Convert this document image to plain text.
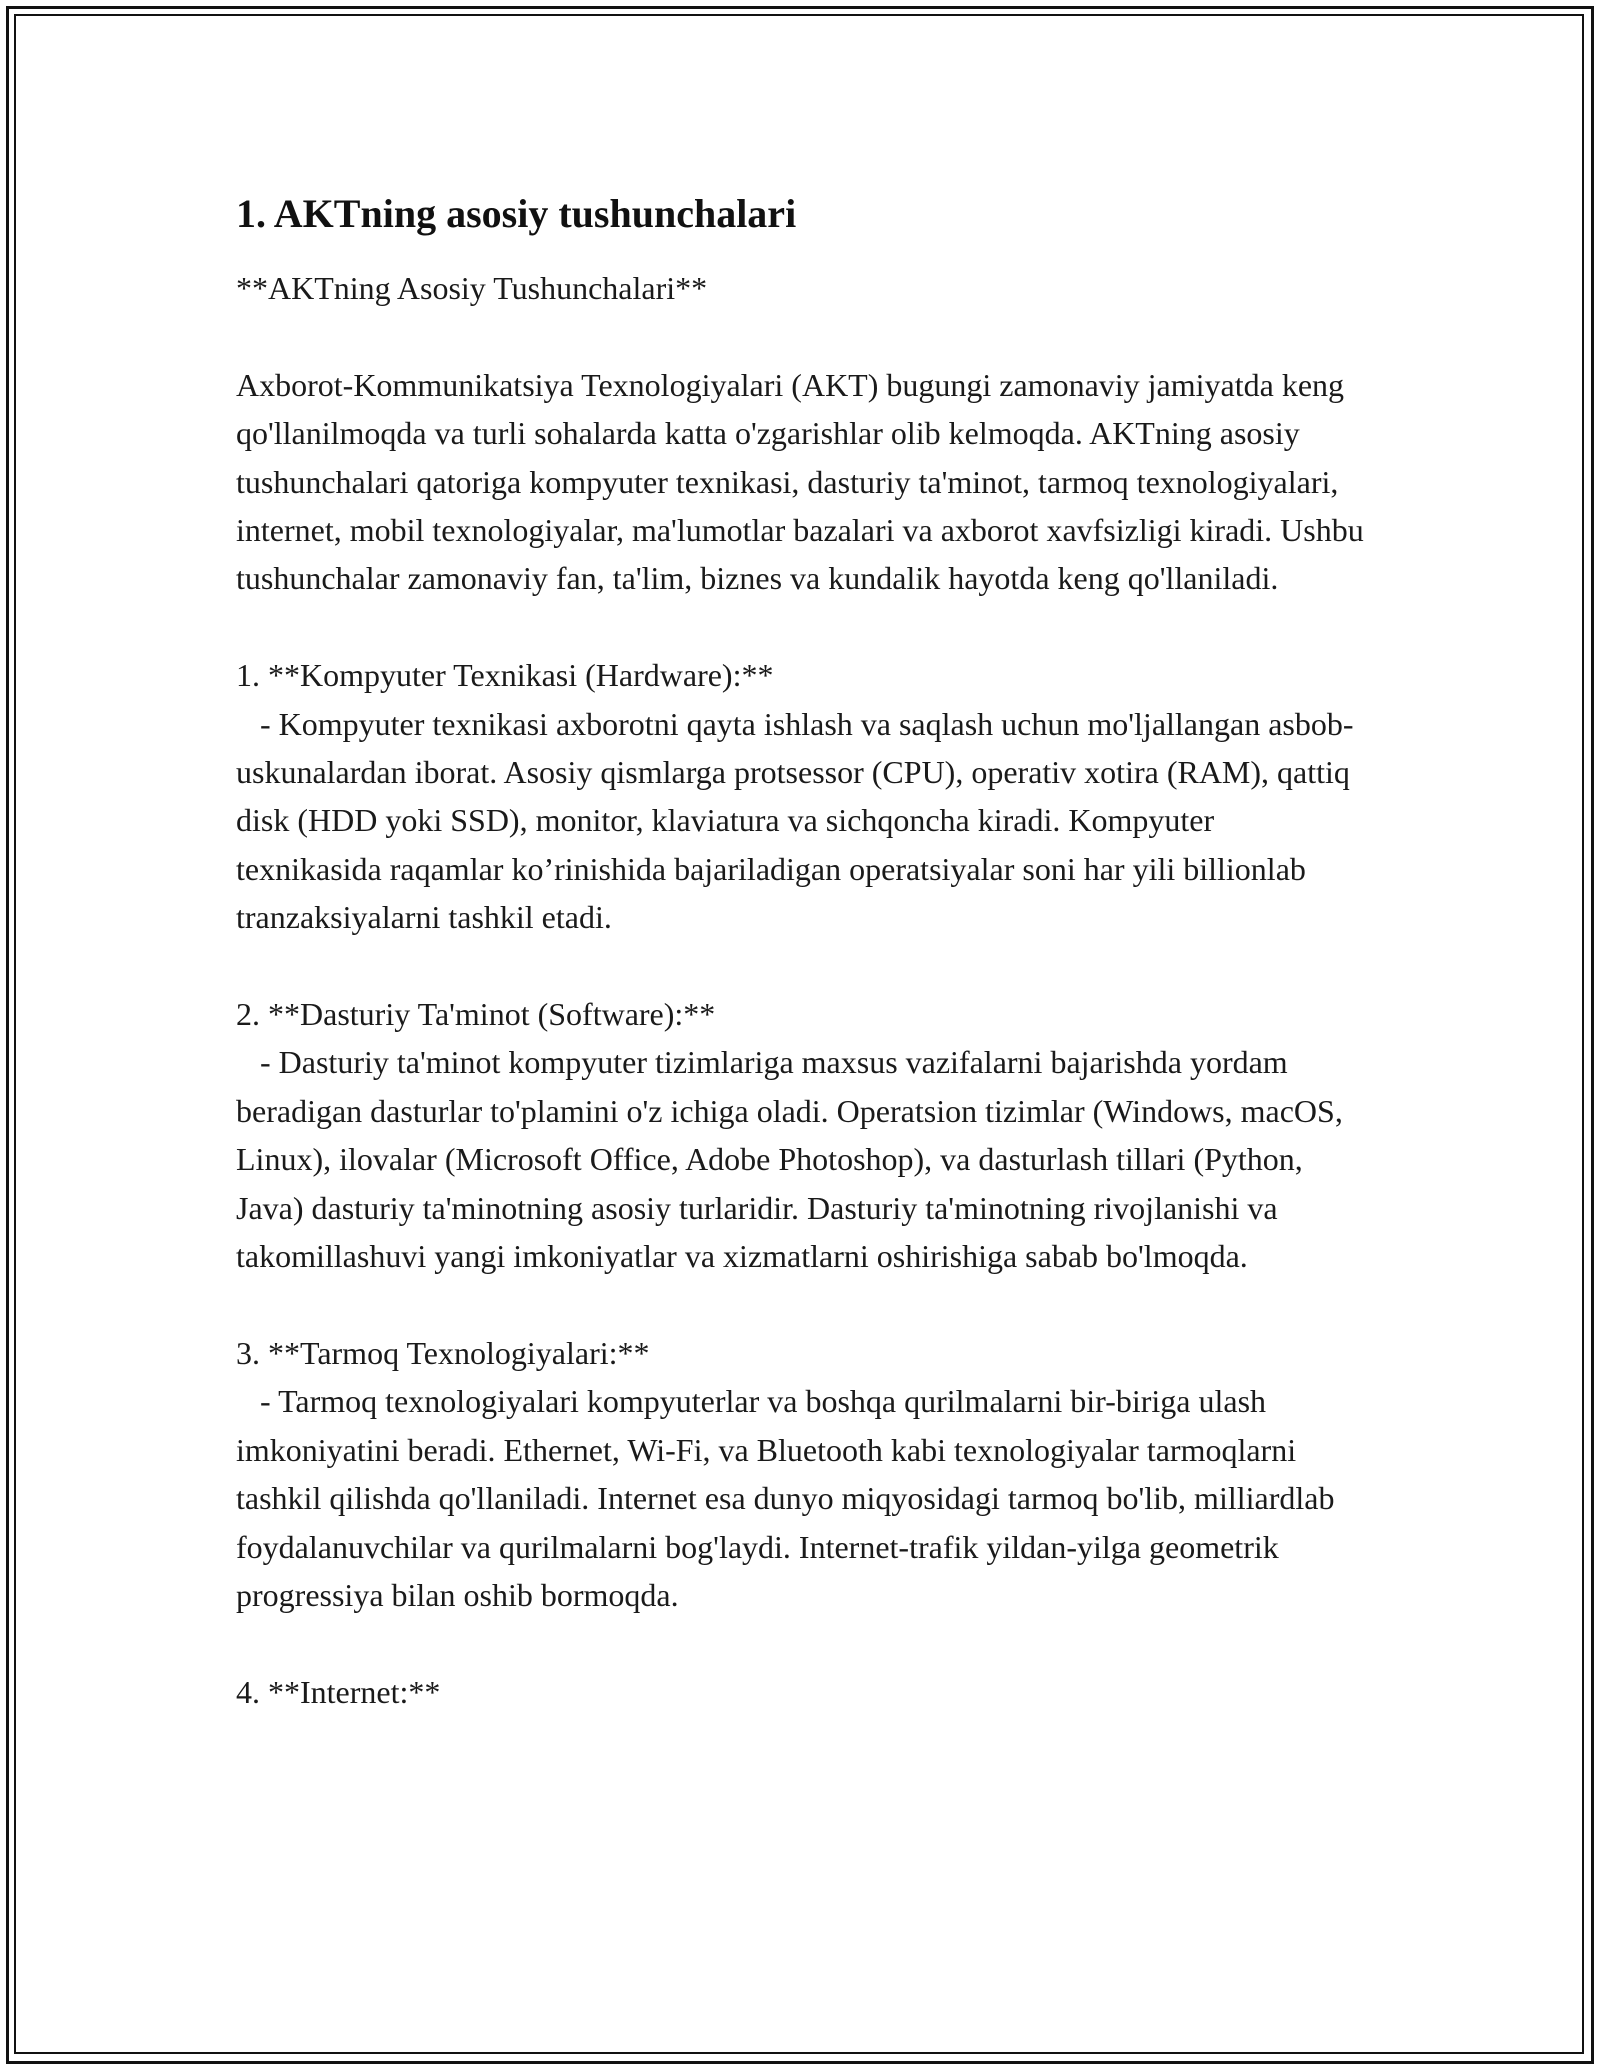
1. AKTning asosiy tushunchalari

**AKTning Asosiy Tushunchalari**

Axborot-Kommunikatsiya Texnologiyalari (AKT) bugungi zamonaviy jamiyatda keng qo'llanilmoqda va turli sohalarda katta o'zgarishlar olib kelmoqda. AKTning asosiy tushunchalari qatoriga kompyuter texnikasi, dasturiy ta'minot, tarmoq texnologiyalari, internet, mobil texnologiyalar, ma'lumotlar bazalari va axborot xavfsizligi kiradi. Ushbu tushunchalar zamonaviy fan, ta'lim, biznes va kundalik hayotda keng qo'llaniladi.

1. **Kompyuter Texnikasi (Hardware):**

- Kompyuter texnikasi axborotni qayta ishlash va saqlash uchun mo'ljallangan asbob-uskunalardan iborat. Asosiy qismlarga protsessor (CPU), operativ xotira (RAM), qattiq disk (HDD yoki SSD), monitor, klaviatura va sichqoncha kiradi. Kompyuter texnikasida raqamlar ko’rinishida bajariladigan operatsiyalar soni har yili billionlab tranzaksiyalarni tashkil etadi.

2. **Dasturiy Ta'minot (Software):**

- Dasturiy ta'minot kompyuter tizimlariga maxsus vazifalarni bajarishda yordam beradigan dasturlar to'plamini o'z ichiga oladi. Operatsion tizimlar (Windows, macOS, Linux), ilovalar (Microsoft Office, Adobe Photoshop), va dasturlash tillari (Python, Java) dasturiy ta'minotning asosiy turlaridir. Dasturiy ta'minotning rivojlanishi va takomillashuvi yangi imkoniyatlar va xizmatlarni oshirishiga sabab bo'lmoqda.

3. **Tarmoq Texnologiyalari:**

- Tarmoq texnologiyalari kompyuterlar va boshqa qurilmalarni bir-biriga ulash imkoniyatini beradi. Ethernet, Wi-Fi, va Bluetooth kabi texnologiyalar tarmoqlarni tashkil qilishda qo'llaniladi. Internet esa dunyo miqyosidagi tarmoq bo'lib, milliardlab foydalanuvchilar va qurilmalarni bog'laydi. Internet-trafik yildan-yilga geometrik progressiya bilan oshib bormoqda.

4. **Internet:**
